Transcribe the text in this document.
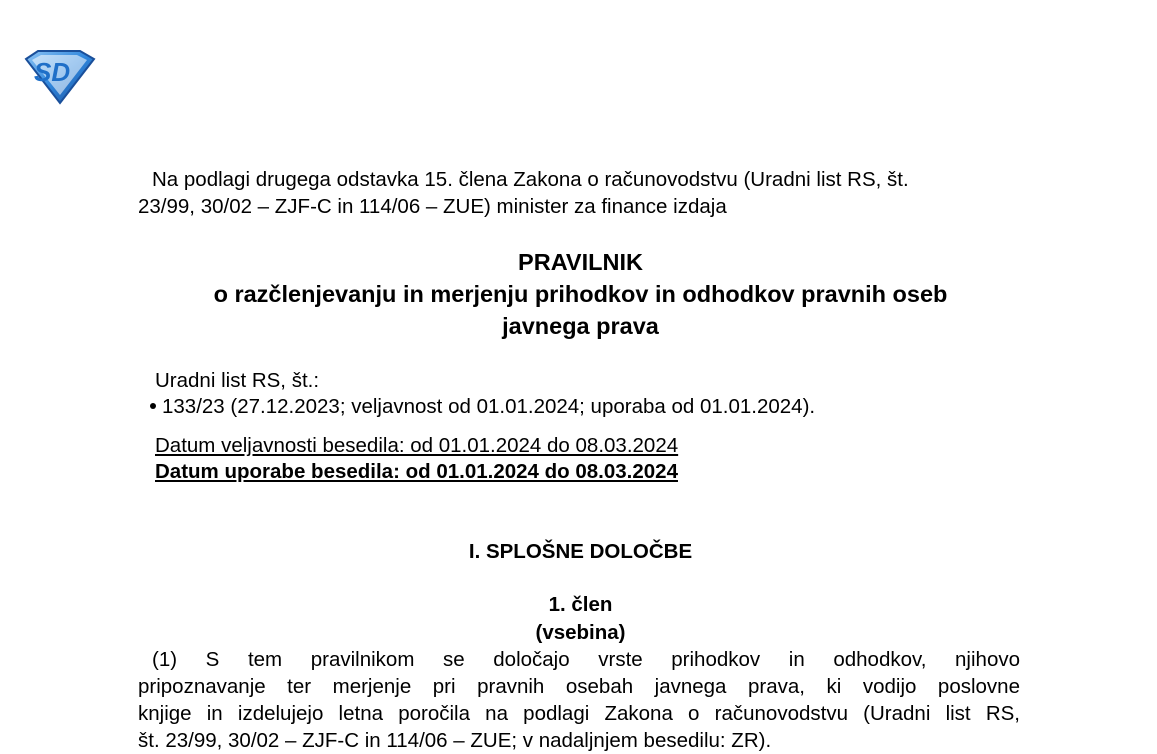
SD
Na podlagi drugega odstavka 15. člena Zakona o računovodstvu (Uradni list RS, št.
23/99, 30/02 – ZJF-C in 114/06 – ZUE) minister za finance izdaja
PRAVILNIK
o razčlenjevanju in merjenju prihodkov in odhodkov pravnih oseb
javnega prava
Uradni list RS, št.:
133/23 (27.12.2023; veljavnost od 01.01.2024; uporaba od 01.01.2024).
Datum veljavnosti besedila: od 01.01.2024 do 08.03.2024
Datum uporabe besedila: od 01.01.2024 do 08.03.2024
I. SPLOŠNE DOLOČBE
1. člen
(vsebina)
(1) S tem pravilnikom se določajo vrste prihodkov in odhodkov, njihovo
pripoznavanje ter merjenje pri pravnih osebah javnega prava, ki vodijo poslovne
knjige in izdelujejo letna poročila na podlagi Zakona o računovodstvu (Uradni list RS,
št. 23/99, 30/02 – ZJF-C in 114/06 – ZUE; v nadaljnjem besedilu: ZR).
